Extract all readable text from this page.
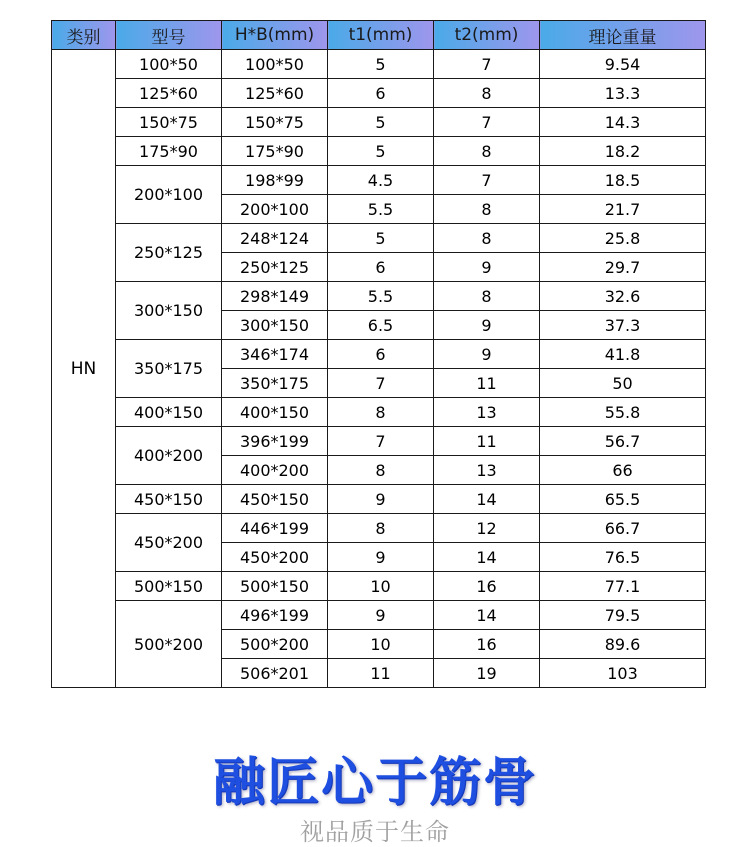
类别	型号	H*B(mm)	t1(mm)	t2(mm)	理论重量
HN	100*50	100*50	5	7	9.54
	125*60	125*60	6	8	13.3
	150*75	150*75	5	7	14.3
	175*90	175*90	5	8	18.2
	200*100	198*99	4.5	7	18.5
		200*100	5.5	8	21.7
	250*125	248*124	5	8	25.8
		250*125	6	9	29.7
	300*150	298*149	5.5	8	32.6
		300*150	6.5	9	37.3
	350*175	346*174	6	9	41.8
		350*175	7	11	50
	400*150	400*150	8	13	55.8
	400*200	396*199	7	11	56.7
		400*200	8	13	66
	450*150	450*150	9	14	65.5
	450*200	446*199	8	12	66.7
		450*200	9	14	76.5
	500*150	500*150	10	16	77.1
	500*200	496*199	9	14	79.5
		500*200	10	16	89.6
		506*201	11	19	103
融匠心于筋骨
视品质于生命
